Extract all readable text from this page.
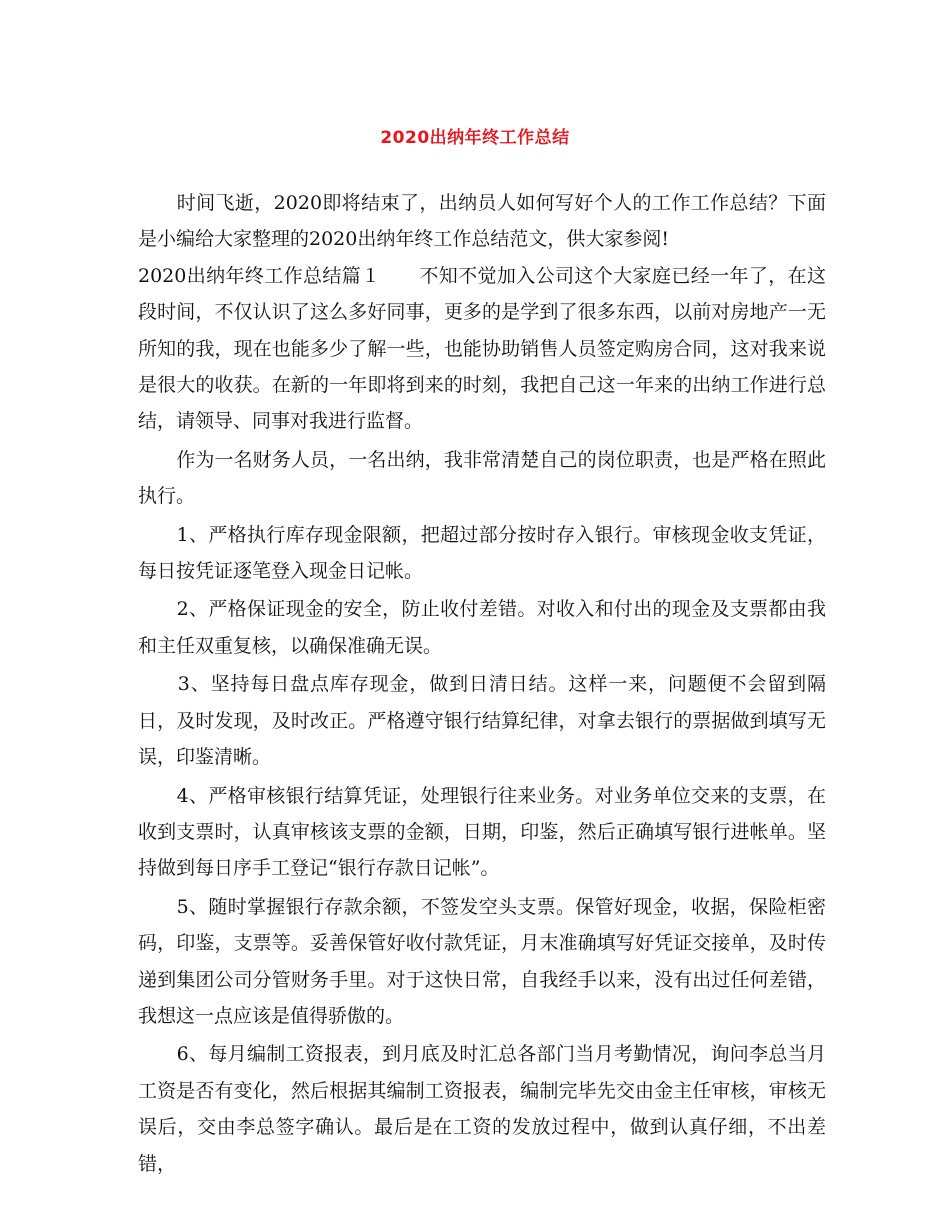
2020出纳年终工作总结

　　时间飞逝，2020即将结束了，出纳员人如何写好个人的工作工作总结？下面是小编给大家整理的2020出纳年终工作总结范文，供大家参阅!

2020出纳年终工作总结篇１　　不知不觉加入公司这个大家庭已经一年了，在这段时间，不仅认识了这么多好同事，更多的是学到了很多东西，以前对房地产一无所知的我，现在也能多少了解一些，也能协助销售人员签定购房合同，这对我来说是很大的收获。在新的一年即将到来的时刻，我把自己这一年来的出纳工作进行总结，请领导、同事对我进行监督。

　　作为一名财务人员，一名出纳，我非常清楚自己的岗位职责，也是严格在照此执行。

　　1、严格执行库存现金限额，把超过部分按时存入银行。审核现金收支凭证，每日按凭证逐笔登入现金日记帐。

　　2、严格保证现金的安全，防止收付差错。对收入和付出的现金及支票都由我和主任双重复核，以确保准确无误。

　　3、坚持每日盘点库存现金，做到日清日结。这样一来，问题便不会留到隔日，及时发现，及时改正。严格遵守银行结算纪律，对拿去银行的票据做到填写无误，印鉴清晰。

　　4、严格审核银行结算凭证，处理银行往来业务。对业务单位交来的支票，在收到支票时，认真审核该支票的金额，日期，印鉴，然后正确填写银行进帐单。坚持做到每日序手工登记“银行存款日记帐”。

　　5、随时掌握银行存款余额，不签发空头支票。保管好现金，收据，保险柜密码，印鉴，支票等。妥善保管好收付款凭证，月末准确填写好凭证交接单，及时传递到集团公司分管财务手里。对于这快日常，自我经手以来，没有出过任何差错，我想这一点应该是值得骄傲的。

　　6、每月编制工资报表，到月底及时汇总各部门当月考勤情况，询问李总当月工资是否有变化，然后根据其编制工资报表，编制完毕先交由金主任审核，审核无误后，交由李总签字确认。最后是在工资的发放过程中，做到认真仔细，不出差错，
